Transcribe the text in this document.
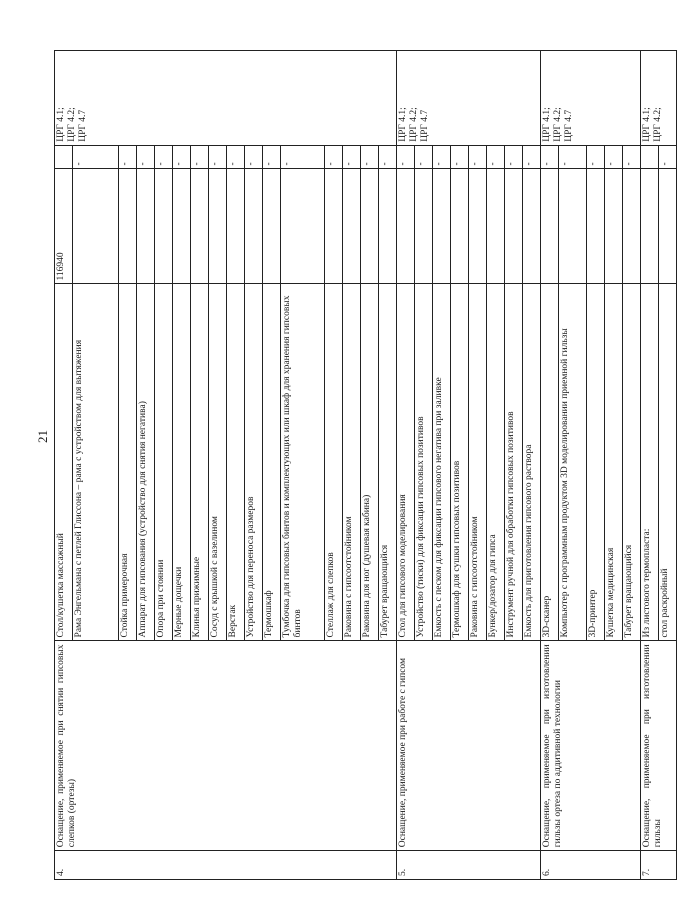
21
4.	Оснащение, применяемое при снятии гипсовых слепков (ортезы)	Стол/кушетка массажный	116940		ЦРГ 4.1; ЦРГ 4.2; ЦРГ 4.7

		Рама Энгельмана с петлей Глиссона – рама с устройством для вытяжения		-	
		Стойка примерочная		-	
		Аппарат для гипсования (устройство для снятия негатива)		-	
		Опора при стоянии		-	
		Мерные дощечки		-	
		Клинья прижимные		-	
		Сосуд с крышкой с вазелином		-	
		Верстак		-	
		Устройство для переноса размеров		-	
		Термошкаф		-	
		Тумбочка для гипсовых бинтов и комплектующих или шкаф для хранения гипсовых бинтов		-	
		Стеллаж для слепков		-	
		Раковина с гипсоотстойником		-	
		Раковина для ног (душевая кабина)		-	
		Табурет вращающийся		-	
5.	Оснащение, применяемое при работе с гипсом	Стол для гипсового моделирования		-	ЦРГ 4.1; ЦРГ 4.2; ЦРГ 4.7

		Устройство (тиски) для фиксации гипсовых позитивов		-	
		Емкость с песком для фиксации гипсового негатива при заливке		-	
		Термошкаф для сушки гипсовых позитивов		-	
		Раковина с гипсоотстойником		-	
		Бункер/дозатор для гипса		-	
		Инструмент ручной для обработки гипсовых позитивов		-	
		Емкость для приготовления гипсового раствора		-	
6.	Оснащение, применяемое при изготовлении гильзы ортеза по аддитивной технологии	3D-сканер		-	ЦРГ 4.1; ЦРГ 4.2; ЦРГ 4.7

		Компьютер с программным продуктом 3D моделировании приемной гильзы		-	
		3D-принтер		-	
		Кушетка медицинская		-	
		Табурет вращающийся		-	
7.	Оснащение, применяемое при изготовлении гильзы	Из листового термопласта:			ЦРГ 4.1; ЦРГ 4.2;

		стол раскройный		-	
